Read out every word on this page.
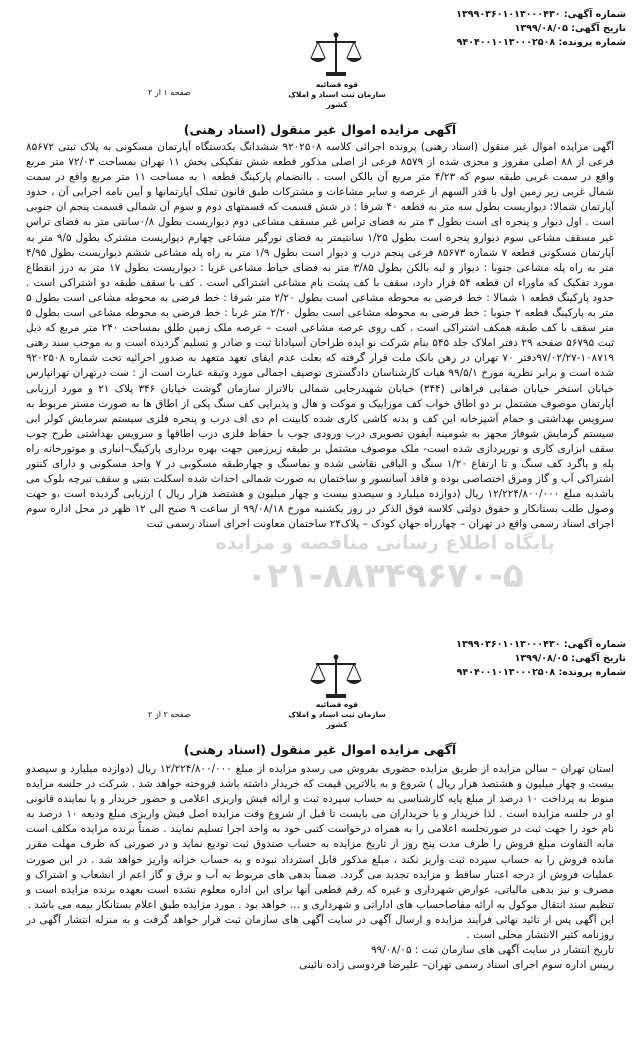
شماره آگهی: ۱۳۹۹۰۳۶۰۱۰۱۳۰۰۰۴۳۰
تاریخ آگهی: ۱۳۹۹/۰۸/۰۵
شماره پرونده: ۹۴۰۴۰۰۱۰۱۳۰۰۰۲۵۰۸
قوه قضائیه
سازمان ثبت اسناد و املاک کشور
صفحه ۱ از ۲
آگهی مزایده اموال غیر منقول (اسناد رهنی)

آگهی مزایده اموال غیر منقول (اسناد رهنی) پرونده اجرائی کلاسه ۹۲۰۲۵۰۸ ششدانگ یکدستگاه آپارتمان مسکونی به پلاک ثبتی ۸۵۶۷۲ فرعی از ۸۸ اصلی مفروز و مجزی شده از ۸۵۷۹ فرعی از اصلی مذکور قطعه شش تفکیکی بخش ۱۱ تهران بمساحت ۷۲/۰۳ متر مربع واقع در سمت غربی طبقه سوم که ۴/۲۳ متر مربع آن بالکن است . باانضمام پارکینگ قطعه ۱ به مساحت ۱۱ متر مربع واقع در سمت شمال غربی زیر زمین اول با قدر السهم از عرصه و سایر مشاعات و مشترکات طبق قانون تملک آپارتمانها و آیین نامه اجرایی آن ، حدود آپارتمان شمالا: دیواریست بطول سه متر به قطعه ۴۰ شرقا : در شش قسمت که قسمتهای دوم و سوم آن شمالی قسمت پنجم ان جنوبی است . اول دیوار و پنجره ای است بطول ۳ متر به فضای تراس غیر مسقف مشاعی دوم دیواریست بطول ۰/۸سانتی متر به فضای تراس غیر مسقف مشاعی سوم دیوارو پنجره است بطول ۱/۲۵ سانتیمتر به فضای نورگیر مشاعی چهارم دیواریست مشترک بطول ۹/۵ متر به آپارتمان مسکونی قطعه ۷ شماره ۸۵۶۷۳ فرعی پنجم درب و دیوار است بطول ۱/۹ متر به راه پله مشاعی ششم دیواریست بطول ۴/۹۵ متر به راه پله مشاعی جنوبا : دیوار و لبه بالکن بطول ۳/۸۵ متر به فضای حیاط مشاعی غربا : دیواریست بطول ۱۷ متر به درز انقطاع مورد تفکیک که ماوراء ان قطعه ۵۴ قرار دارد، سقف با کف پشت بام مشاعی اشتراکی است . کف با سقف طبقه دو اشتراکی است . حدود پارکینگ قطعه ۱ شمالا : خط فرضی به محوطه مشاعی است بطول ۲/۲۰ متر شرقا : خط فرضی به محوطه مشاعی است بطول ۵ متر به پارکینگ قطعه ۲ جنوبا : خط فرضی به محوطه مشاعی است بطول ۲/۲۰ متر غربا : خط فرضی به محوطه مشاعی است بطول ۵ متر سقف با کف طبقه همکف اشتراکی است . کف روی عرصه مشاعی است – عرصه ملک زمین طلق بمساحت ۲۴۰ متر مربع که ذیل ثبت ۵۶۷۹۵ صفحه ۲۹ دفتر املاک جلد ۵۴۵ بنام شرکت نو ایده طراحان آسیادانا ثبت و صادر و تسلیم گردیده است و به موجب سند رهنی ۱۰۸۷۱۹-۹۷/۰۲/۲۷دفتر ۷۰ تهران در رهن بانک ملت قرار گرفته که بعلت عدم ایفای تعهد متعهد به صدور اجرائیه تحت شماره ۹۲۰۲۵۰۸ شده است و برابر نظریه مورخ ۹۹/۵/۱ هیات کارشناسان دادگستری توصیف اجمالی مورد وثیقه عبارت است از : ست درتهران تهرانپارس خیابان استخر خیابان صفایی فراهانی (۳۴۴) خیابان شهیدرجایی شمالی بالاتراز سازمان گوشت خیابان ۳۴۶ پلاک ۲۱ و مورد ارزیابی آپارتمان موصوف مشتمل بر دو اطاق خواب کف موزاییک و موکت و هال و پذیرایی کف سنگ پکی از اطاق ها به صورت مستر مربوط به سرویس بهداشتی و حمام آشپزخانه این کف و بدنه کاشی کاری شده کابینت ام دی اف درب و پنجره فلزی سیستم سرمایش کولر ابی سیستم گرمایش شوفاژ مجهز به شومینه آیفون تصویری درب ورودی چوب با حفاظ فلزی درب اطاقها و سرویس بهداشتی طرح چوب سقف ابزاری کاری و نورپردازی شده است- ملک موصوف مشتمل بر طبقه زیرزمین جهت بهره برداری پارکینگ–انباری و موتورخانه راه پله و پاگرد کف سنگ و تا ارتفاع ۱/۲۰ سنگ و الباقی نقاشی شده و نماسنگ و چهارطبقه مسکونی در ۷ واحد مسکونی و دارای کنتور اشتراکی آب و گاز ومرق اختصاصی بوده و فاقد آسانسور و ساختمان به صورت شمالی احداث شده اسکلت بتنی و سقف تیرچه بلوک می باشدبه مبلغ ۱۲/۲۲۴/۸۰۰/۰۰۰ ریال (دوازده میلیارد و سیصدو بیست و چهار میلیون و هشتصد هزار ریال ) ارزیابی گردیده است ،و جهت وصول طلب بستانکار و حقوق دولتی کلاسه فوق الذکر در روز یکشنبه مورخ ۹۹/۰۸/۱۸ از ساعت ۹ صبح الی ۱۲ ظهر در محل اداره سوم اجرای اسناد رسمی واقع در تهران – چهارراه جهان کودک – پلاک۲۴ ساختمان معاونت اجرای اسناد رسمی ثبت

پایگاه اطلاع رسانی مناقصه و مزایده
۰۲۱-۸۸۳۴۹۶۷۰-۵
شماره آگهی: ۱۳۹۹۰۳۶۰۱۰۱۳۰۰۰۴۳۰
تاریخ آگهی: ۱۳۹۹/۰۸/۰۵
شماره پرونده: ۹۴۰۴۰۰۱۰۱۳۰۰۰۲۵۰۸
قوه قضائیه
سازمان ثبت اسناد و املاک کشور
صفحه ۲ از ۲
آگهی مزایده اموال غیر منقول (اسناد رهنی)

استان تهران – سالن مزایده از طریق مزایده حضوری بفروش می رسدو مزایده از مبلغ ۱۲/۲۲۴/۸۰۰/۰۰۰ ریال (دوازده میلیارد و سیصدو بیست و چهار میلیون و هشتصد هزار ریال ) شروع و به بالاترین قیمت که خریدار داشته باشد فروخته خواهد شد . شرکت در جلسه مزایده منوط به پرداخت ۱۰ درصد از مبلغ پایه کارشناسی به حساب سپرده ثبت و ارائه فیش واریزی اعلامی و حضور خریدار و یا نماینده قانونی او در جلسه مزایده است . لذا خریدار و یا خریداران می بایست تا قبل از شروع وقت مزایده اصل فیش واریزی مبلغ ودیعه ۱۰ درصد به نام خود را جهت ثبت در صورتجلسه اعلامی را به همراه درخواست کتبی خود به واحد اجرا تسلیم نمایند . ضمناً برنده مزایده مکلف است مابه التفاوت مبلغ فروش را ظرف مدت پنج روز از تاریخ مزایده به حساب صندوق ثبت تودیع نماید و در صورتی که ظرف مهلت مقرر مانده فروش را به حساب سپرده ثبت واریز نکند ، مبلغ مذکور قابل استرداد نبوده و به حساب خزانه واریز خواهد شد . در این صورت عملیات فروش از درجه اعتبار ساقط و مزایده تجدید می گردد. ضمناً بدهی های مربوط به آب و برق و گاز اعم از انشعاب و اشتراک و مصرف و نیز بدهی مالیاتی، عوارض شهرداری و غیره که رقم قطعی آنها برای این اداره معلوم نشده است بعهده برنده مزایده است و تنظیم سند انتقال موکول به ارائه مفاصاحساب های اداراتی و شهرداری و ... خواهد بود . مورد مزایده طبق اعلام بستانکار بیمه می باشد .

این آگهی پس از تائید نهائی فرآیند مزایده و ارسال آگهی در سایت آگهی های سازمان ثبت قرار خواهد گرفت و به منزله انتشار آگهی در روزنامه کثیر الانتشار محلی است .

تاریخ انتشار در سایت آگهی های سازمان ثبت : ۹۹/۰۸/۰۵

رییس اداره سوم اجرای اسناد رسمی تهران– علیرضا فردوسی زاده نائینی
